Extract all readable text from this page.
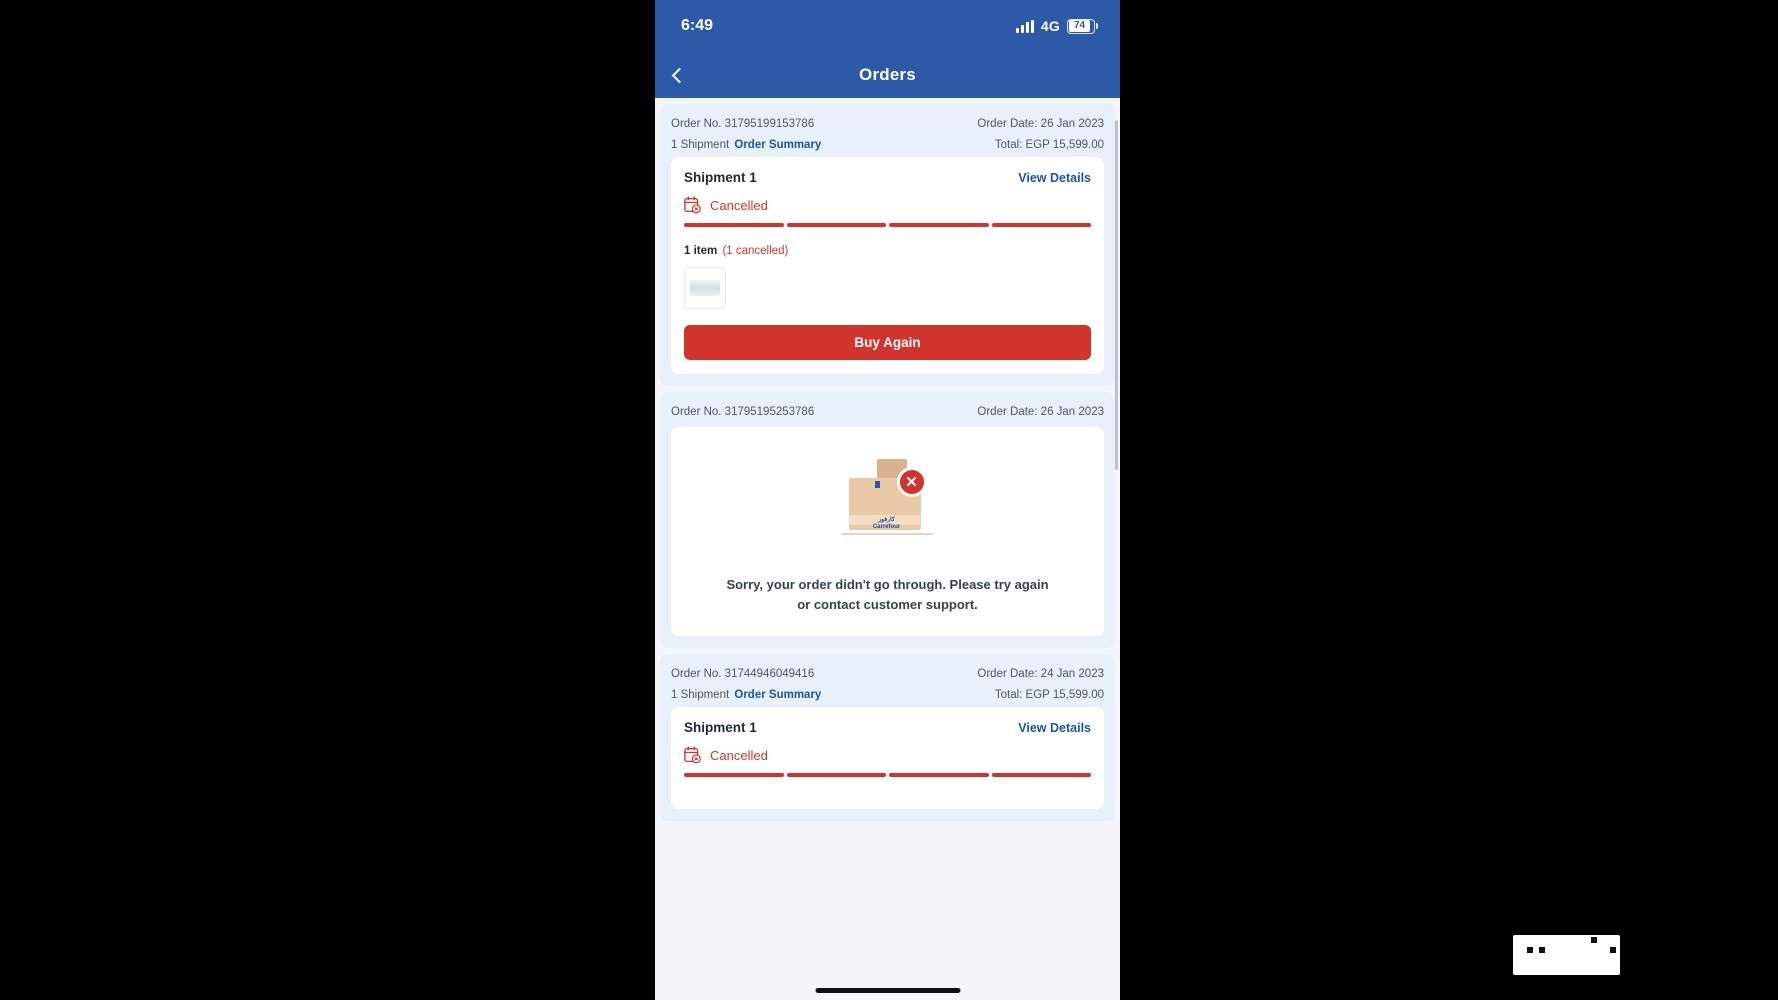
6:49	4G 74
Orders
Order No. 31795199153786	Order Date: 26 Jan 2023
1 Shipment Order Summary	Total: EGP 15,599.00
Shipment 1	View Details
Cancelled
1 item (1 cancelled)
Buy Again
Order No. 31795195253786	Order Date: 26 Jan 2023
كارفور
Carrefour
✕
Sorry, your order didn't go through. Please try again or contact customer support.
Order No. 31744946049416	Order Date: 24 Jan 2023
1 Shipment Order Summary	Total: EGP 15,599.00
Shipment 1	View Details
Cancelled
